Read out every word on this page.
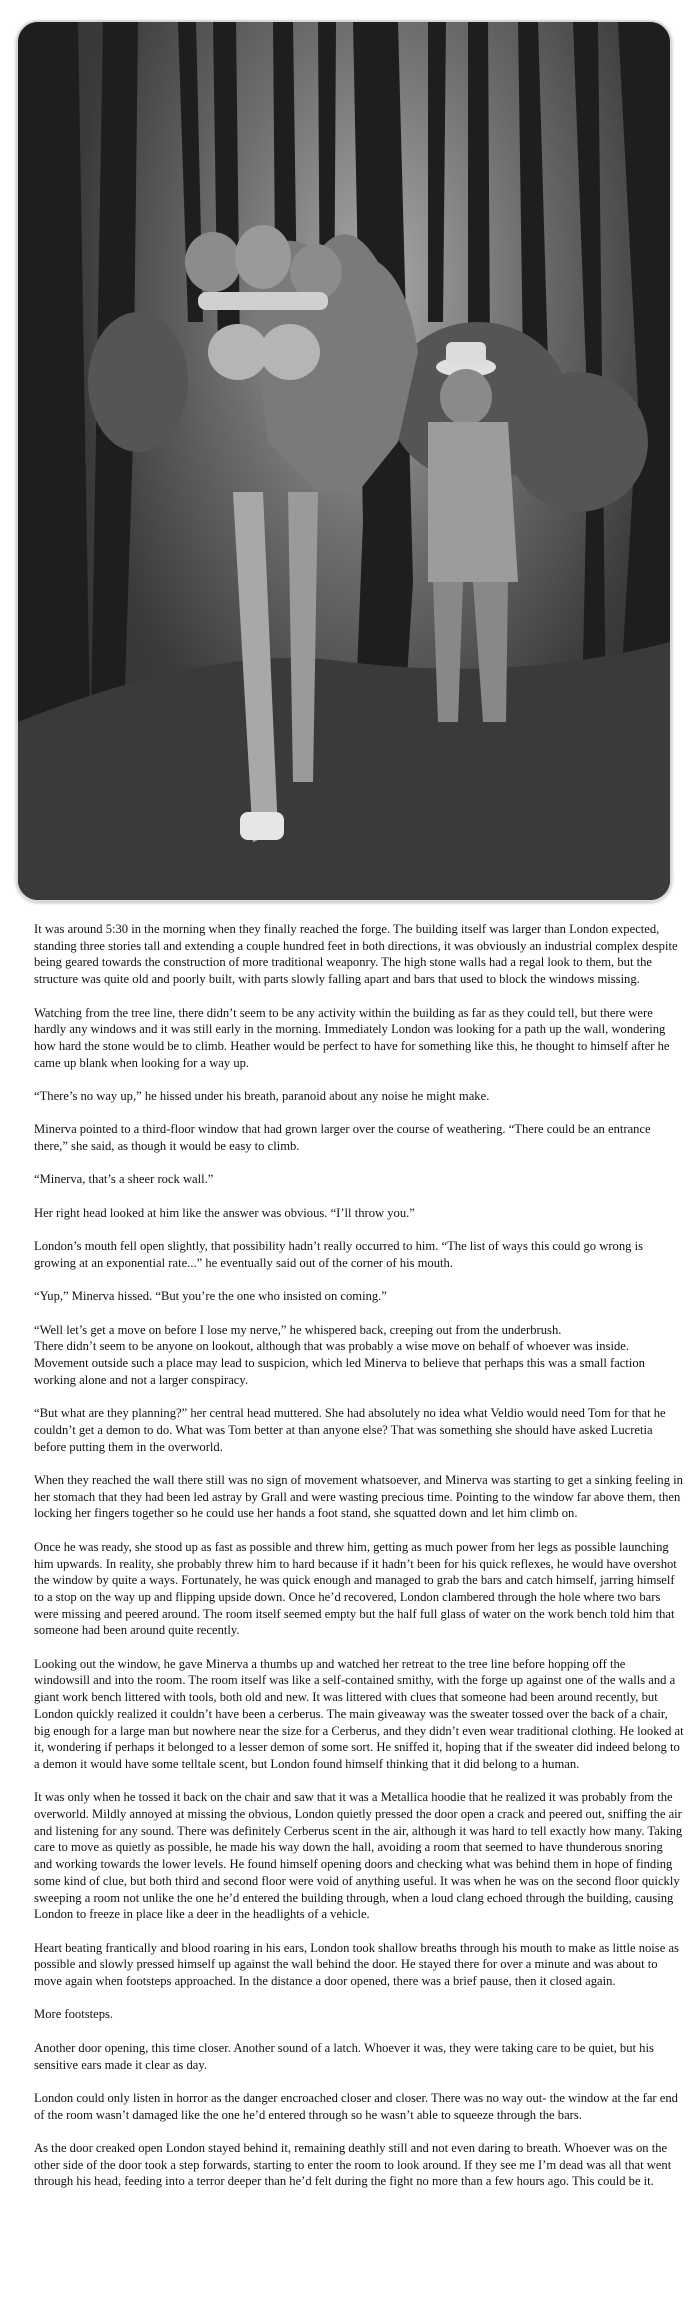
It was around 5:30 in the morning when they finally reached the forge. The building itself was larger than London expected, standing three stories tall and extending a couple hundred feet in both directions, it was obviously an industrial complex despite being geared towards the construction of more traditional weaponry. The high stone walls had a regal look to them, but the structure was quite old and poorly built, with parts slowly falling apart and bars that used to block the windows missing.

Watching from the tree line, there didn’t seem to be any activity within the building as far as they could tell, but there were hardly any windows and it was still early in the morning. Immediately London was looking for a path up the wall, wondering how hard the stone would be to climb. Heather would be perfect to have for something like this, he thought to himself after he came up blank when looking for a way up.

“There’s no way up,” he hissed under his breath, paranoid about any noise he might make.

Minerva pointed to a third-floor window that had grown larger over the course of weathering. “There could be an entrance there,” she said, as though it would be easy to climb.

“Minerva, that’s a sheer rock wall.”

Her right head looked at him like the answer was obvious. “I’ll throw you.”

London’s mouth fell open slightly, that possibility hadn’t really occurred to him. “The list of ways this could go wrong is growing at an exponential rate...” he eventually said out of the corner of his mouth.

“Yup,” Minerva hissed. “But you’re the one who insisted on coming.”

“Well let’s get a move on before I lose my nerve,” he whispered back, creeping out from the underbrush.
There didn’t seem to be anyone on lookout, although that was probably a wise move on behalf of whoever was inside. Movement outside such a place may lead to suspicion, which led Minerva to believe that perhaps this was a small faction working alone and not a larger conspiracy.

“But what are they planning?” her central head muttered. She had absolutely no idea what Veldio would need Tom for that he couldn’t get a demon to do. What was Tom better at than anyone else? That was something she should have asked Lucretia before putting them in the overworld.

When they reached the wall there still was no sign of movement whatsoever, and Minerva was starting to get a sinking feeling in her stomach that they had been led astray by Grall and were wasting precious time. Pointing to the window far above them, then locking her fingers together so he could use her hands a foot stand, she squatted down and let him climb on.

Once he was ready, she stood up as fast as possible and threw him, getting as much power from her legs as possible launching him upwards. In reality, she probably threw him to hard because if it hadn’t been for his quick reflexes, he would have overshot the window by quite a ways. Fortunately, he was quick enough and managed to grab the bars and catch himself, jarring himself to a stop on the way up and flipping upside down. Once he’d recovered, London clambered through the hole where two bars were missing and peered around. The room itself seemed empty but the half full glass of water on the work bench told him that someone had been around quite recently.

Looking out the window, he gave Minerva a thumbs up and watched her retreat to the tree line before hopping off the windowsill and into the room. The room itself was like a self-contained smithy, with the forge up against one of the walls and a giant work bench littered with tools, both old and new. It was littered with clues that someone had been around recently, but London quickly realized it couldn’t have been a cerberus. The main giveaway was the sweater tossed over the back of a chair, big enough for a large man but nowhere near the size for a Cerberus, and they didn’t even wear traditional clothing. He looked at it, wondering if perhaps it belonged to a lesser demon of some sort. He sniffed it, hoping that if the sweater did indeed belong to a demon it would have some telltale scent, but London found himself thinking that it did belong to a human.

It was only when he tossed it back on the chair and saw that it was a Metallica hoodie that he realized it was probably from the overworld. Mildly annoyed at missing the obvious, London quietly pressed the door open a crack and peered out, sniffing the air and listening for any sound. There was definitely Cerberus scent in the air, although it was hard to tell exactly how many. Taking care to move as quietly as possible, he made his way down the hall, avoiding a room that seemed to have thunderous snoring and working towards the lower levels. He found himself opening doors and checking what was behind them in hope of finding some kind of clue, but both third and second floor were void of anything useful. It was when he was on the second floor quickly sweeping a room not unlike the one he’d entered the building through, when a loud clang echoed through the building, causing London to freeze in place like a deer in the headlights of a vehicle.

Heart beating frantically and blood roaring in his ears, London took shallow breaths through his mouth to make as little noise as possible and slowly pressed himself up against the wall behind the door. He stayed there for over a minute and was about to move again when footsteps approached. In the distance a door opened, there was a brief pause, then it closed again.

More footsteps.

Another door opening, this time closer. Another sound of a latch. Whoever it was, they were taking care to be quiet, but his sensitive ears made it clear as day.

London could only listen in horror as the danger encroached closer and closer. There was no way out- the window at the far end of the room wasn’t damaged like the one he’d entered through so he wasn’t able to squeeze through the bars.

As the door creaked open London stayed behind it, remaining deathly still and not even daring to breath. Whoever was on the other side of the door took a step forwards, starting to enter the room to look around. If they see me I’m dead was all that went through his head, feeding into a terror deeper than he’d felt during the fight no more than a few hours ago. This could be it.
